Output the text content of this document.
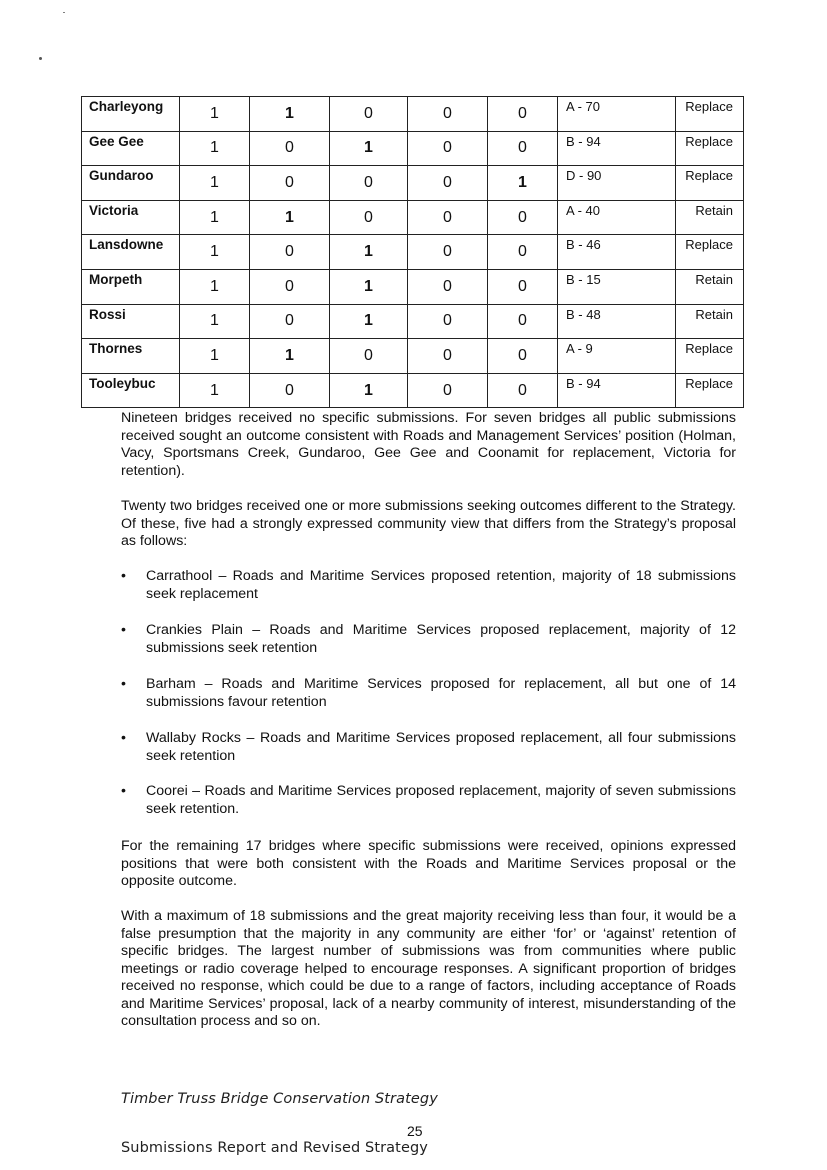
Charleyong	1	1	0	0	0	A - 70	Replace
Gee Gee	1	0	1	0	0	B - 94	Replace
Gundaroo	1	0	0	0	1	D - 90	Replace
Victoria	1	1	0	0	0	A - 40	Retain
Lansdowne	1	0	1	0	0	B - 46	Replace
Morpeth	1	0	1	0	0	B - 15	Retain
Rossi	1	0	1	0	0	B - 48	Retain
Thornes	1	1	0	0	0	A - 9	Replace
Tooleybuc	1	0	1	0	0	B - 94	Replace

Nineteen bridges received no specific submissions. For seven bridges all public submissions received sought an outcome consistent with Roads and Management Services’ position (Holman, Vacy, Sportsmans Creek, Gundaroo, Gee Gee and Coonamit for replacement, Victoria for retention).

Twenty two bridges received one or more submissions seeking outcomes different to the Strategy. Of these, five had a strongly expressed community view that differs from the Strategy’s proposal as follows:

• Carrathool – Roads and Maritime Services proposed retention, majority of 18 submissions seek replacement
• Crankies Plain – Roads and Maritime Services proposed replacement, majority of 12 submissions seek retention
• Barham – Roads and Maritime Services proposed for replacement, all but one of 14 submissions favour retention
• Wallaby Rocks – Roads and Maritime Services proposed replacement, all four submissions seek retention
• Coorei – Roads and Maritime Services proposed replacement, majority of seven submissions seek retention.

For the remaining 17 bridges where specific submissions were received, opinions expressed positions that were both consistent with the Roads and Maritime Services proposal or the opposite outcome.

With a maximum of 18 submissions and the great majority receiving less than four, it would be a false presumption that the majority in any community are either ‘for’ or ‘against’ retention of specific bridges. The largest number of submissions was from communities where public meetings or radio coverage helped to encourage responses. A significant proportion of bridges received no response, which could be due to a range of factors, including acceptance of Roads and Maritime Services’ proposal, lack of a nearby community of interest, misunderstanding of the consultation process and so on.

Timber Truss Bridge Conservation Strategy
25
Submissions Report and Revised Strategy
